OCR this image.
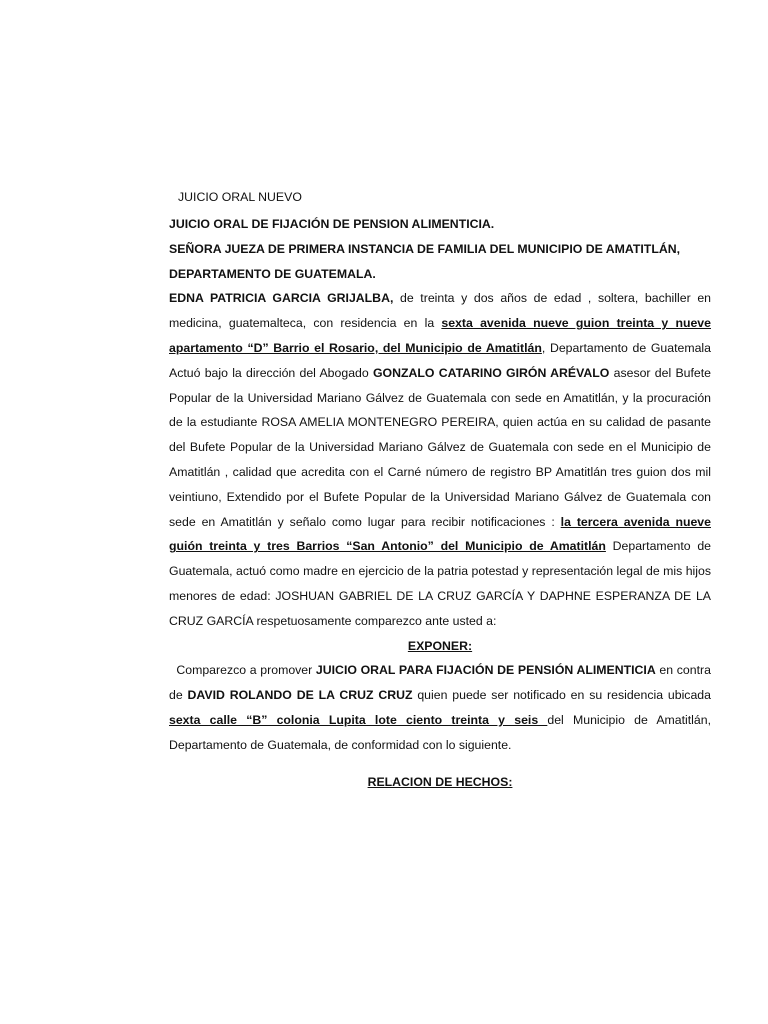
JUICIO ORAL NUEVO

JUICIO ORAL DE FIJACIÓN DE PENSION ALIMENTICIA.

SEÑORA JUEZA DE PRIMERA INSTANCIA DE FAMILIA DEL MUNICIPIO DE AMATITLÁN,

DEPARTAMENTO DE GUATEMALA.

EDNA PATRICIA GARCIA GRIJALBA, de treinta y dos años de edad , soltera, bachiller en medicina, guatemalteca, con residencia en la sexta avenida nueve guion treinta y nueve apartamento “D” Barrio el Rosario, del Municipio de Amatitlán, Departamento de Guatemala Actuó bajo la dirección del Abogado GONZALO CATARINO GIRÓN ARÉVALO asesor del Bufete Popular de la Universidad Mariano Gálvez de Guatemala con sede en Amatitlán, y la procuración de la estudiante ROSA AMELIA MONTENEGRO PEREIRA, quien actúa en su calidad de pasante del Bufete Popular de la Universidad Mariano Gálvez de Guatemala con sede en el Municipio de Amatitlán , calidad que acredita con el Carné número de registro BP Amatitlán tres guion dos mil veintiuno, Extendido por el Bufete Popular de la Universidad Mariano Gálvez de Guatemala con sede en Amatitlán y señalo como lugar para recibir notificaciones : la tercera avenida nueve guión treinta y tres Barrios “San Antonio” del Municipio de Amatitlán Departamento de Guatemala, actuó como madre en ejercicio de la patria potestad y representación legal de mis hijos menores de edad: JOSHUAN GABRIEL DE LA CRUZ GARCÍA Y DAPHNE ESPERANZA DE LA CRUZ GARCÍA respetuosamente comparezco ante usted a:

EXPONER:

Comparezco a promover JUICIO ORAL PARA FIJACIÓN DE PENSIÓN ALIMENTICIA en contra de DAVID ROLANDO DE LA CRUZ CRUZ quien puede ser notificado en su residencia ubicada sexta calle “B” colonia Lupita lote ciento treinta y seis del Municipio de Amatitlán, Departamento de Guatemala, de conformidad con lo siguiente.

RELACION DE HECHOS:
